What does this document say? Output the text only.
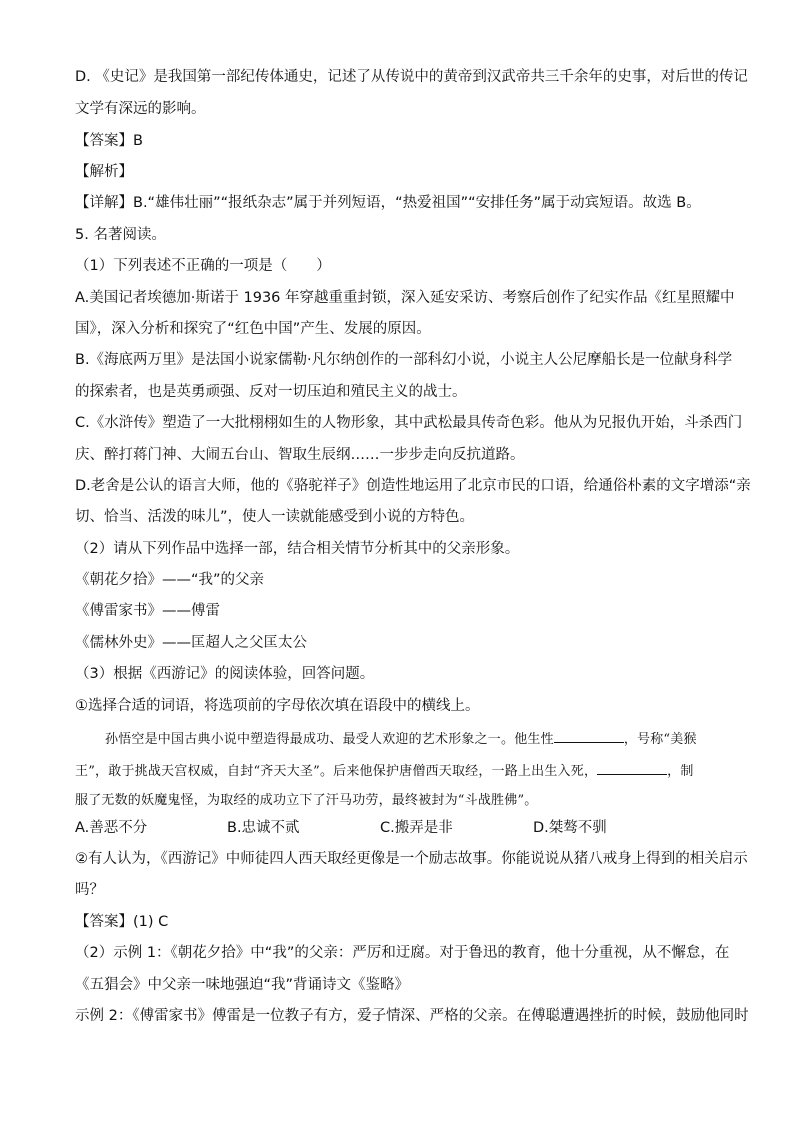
D. 《史记》是我国第一部纪传体通史，记述了从传说中的黄帝到汉武帝共三千余年的史事，对后世的传记
文学有深远的影响。
【答案】B
【解析】
【详解】B.“雄伟壮丽”“报纸杂志”属于并列短语，“热爱祖国”“安排任务”属于动宾短语。故选 B。
5. 名著阅读。
（1）下列表述不正确的一项是（　　）
A.美国记者埃德加·斯诺于 1936 年穿越重重封锁，深入延安采访、考察后创作了纪实作品《红星照耀中
国》，深入分析和探究了“红色中国”产生、发展的原因。
B.《海底两万里》是法国小说家儒勒·凡尔纳创作的一部科幻小说，小说主人公尼摩船长是一位献身科学
的探索者，也是英勇顽强、反对一切压迫和殖民主义的战士。
C.《水浒传》塑造了一大批栩栩如生的人物形象，其中武松最具传奇色彩。他从为兄报仇开始，斗杀西门
庆、醉打蒋门神、大闹五台山、智取生辰纲……一步步走向反抗道路。
D.老舍是公认的语言大师，他的《骆驼祥子》创造性地运用了北京市民的口语，给通俗朴素的文字增添“亲
切、恰当、活泼的味儿”，使人一读就能感受到小说的方特色。
（2）请从下列作品中选择一部，结合相关情节分析其中的父亲形象。
《朝花夕拾》——“我”的父亲
《傅雷家书》——傅雷
《儒林外史》——匡超人之父匡太公
（3）根据《西游记》的阅读体验，回答问题。
①选择合适的词语，将选项前的字母依次填在语段中的横线上。
孙悟空是中国古典小说中塑造得最成功、最受人欢迎的艺术形象之一。他生性	，号称“美猴
王”，敢于挑战天宫权威，自封“齐天大圣”。后来他保护唐僧西天取经，一路上出生入死，	，制
服了无数的妖魔鬼怪，为取经的成功立下了汗马功劳，最终被封为“斗战胜佛”。
A.善恶不分	B.忠诚不贰	C.搬弄是非	D.桀骜不驯
②有人认为，《西游记》中师徒四人西天取经更像是一个励志故事。你能说说从猪八戒身上得到的相关启示
吗？
【答案】(1) C
（2）示例 1：《朝花夕拾》中“我”的父亲：严厉和迂腐。对于鲁迅的教育，他十分重视，从不懈怠，在
《五猖会》中父亲一味地强迫“我”背诵诗文《鉴略》
示例 2：《傅雷家书》傅雷是一位教子有方，爱子情深、严格的父亲。在傅聪遭遇挫折的时候，鼓励他同时
